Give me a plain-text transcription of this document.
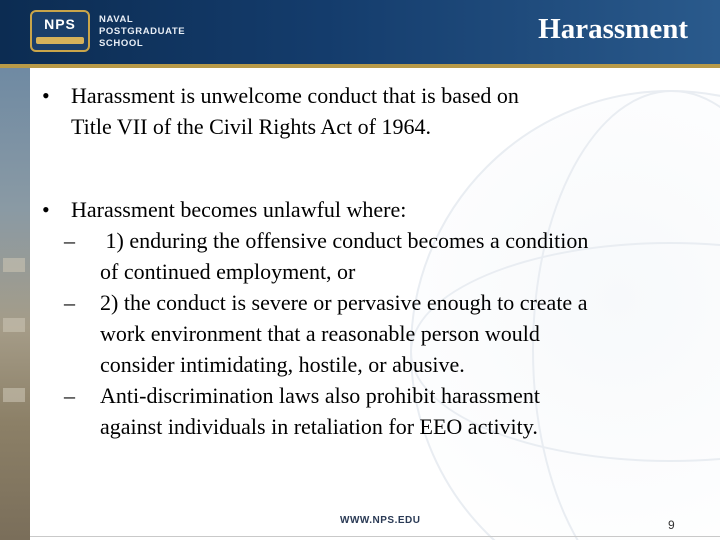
NPS	NAVAL
POSTGRADUATE
SCHOOL	Harassment
• Harassment is unwelcome conduct that is based on
Title VII of the Civil Rights Act of 1964.
• Harassment becomes unlawful where:
– 1) enduring the offensive conduct becomes a condition
of continued employment, or
– 2) the conduct is severe or pervasive enough to create a
work environment that a reasonable person would
consider intimidating, hostile, or abusive.
– Anti-discrimination laws also prohibit harassment
against individuals in retaliation for EEO activity.
WWW.NPS.EDU	9
